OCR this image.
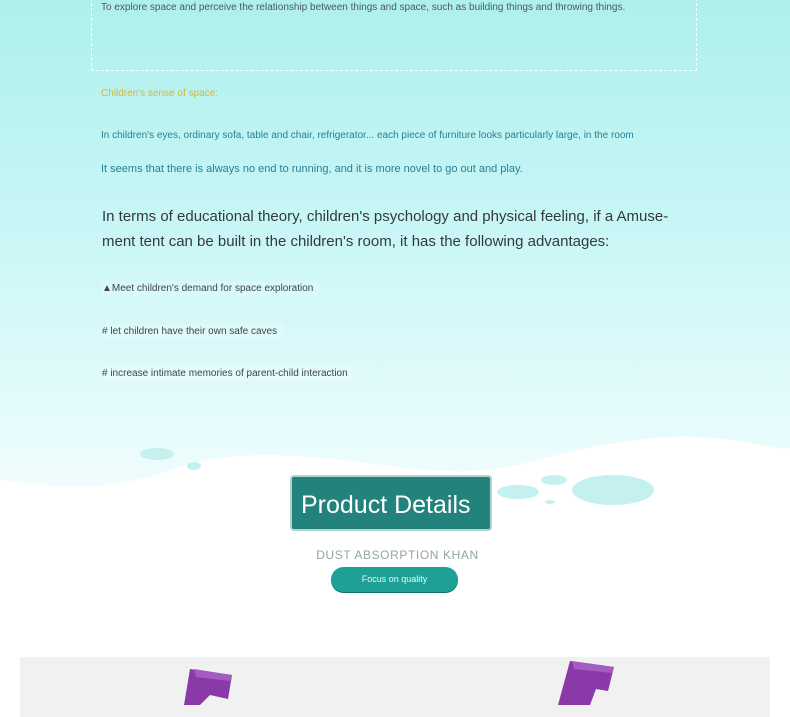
To explore space and perceive the relationship between things and space, such as building things and throwing things.

Children's sense of space:

In children's eyes, ordinary sofa, table and chair, refrigerator... each piece of furniture looks particularly large, in the room

It seems that there is always no end to running, and it is more novel to go out and play.

In terms of educational theory, children's psychology and physical feeling, if a Amuse-ment tent can be built in the children's room, it has the following advantages:

▲Meet children's demand for space exploration
# let children have their own safe caves
# increase intimate memories of parent-child interaction
Product Details
DUST ABSORPTION KHAN
Focus on quality
